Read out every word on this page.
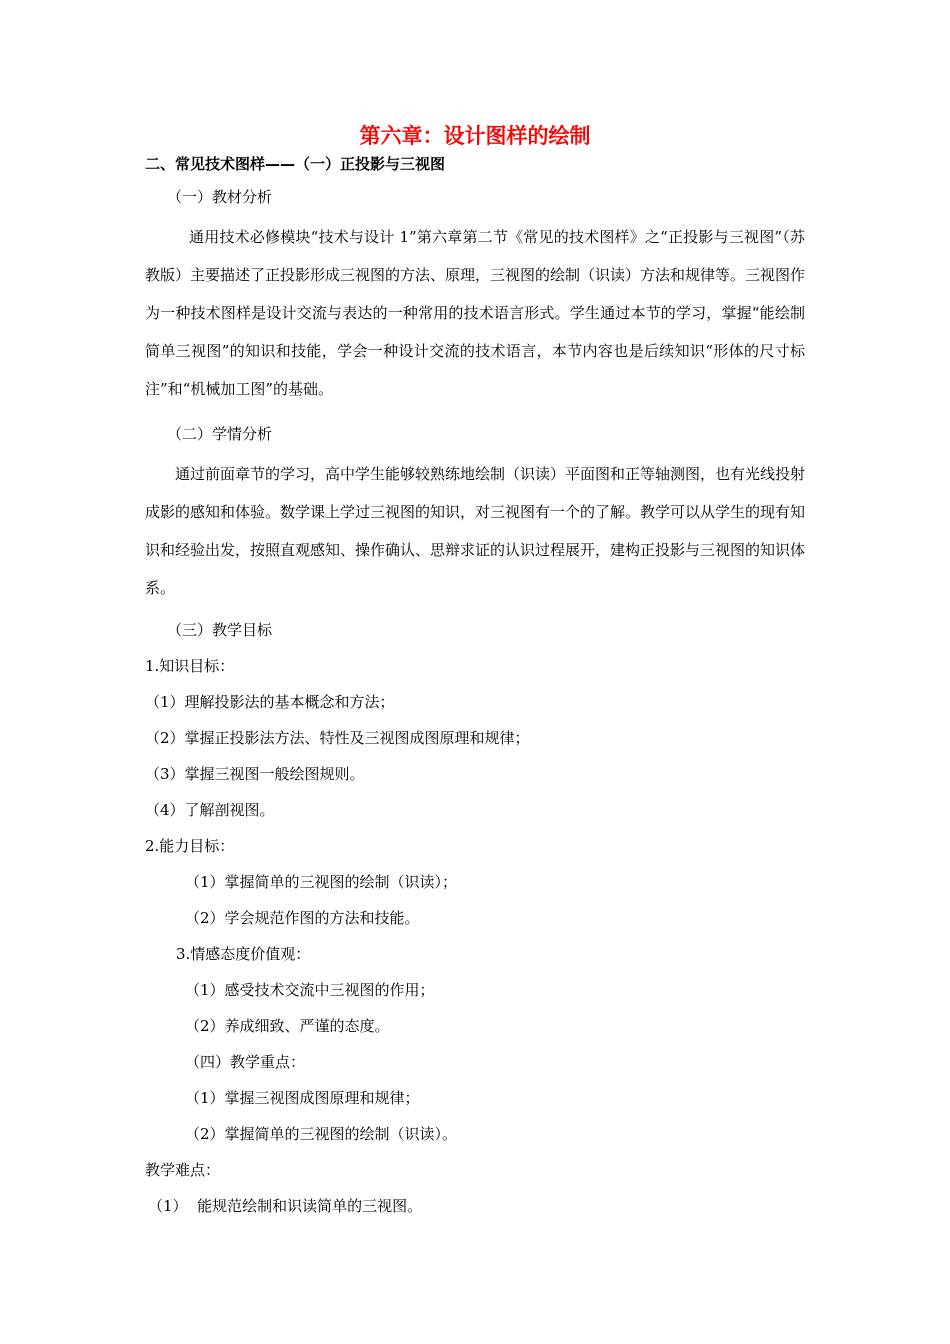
第六章：设计图样的绘制
二、常见技术图样——（一）正投影与三视图

（一）教材分析

通用技术必修模块“技术与设计 1”第六章第二节《常见的技术图样》之“正投影与三视图”（苏教版）主要描述了正投影形成三视图的方法、原理，三视图的绘制（识读）方法和规律等。三视图作为一种技术图样是设计交流与表达的一种常用的技术语言形式。学生通过本节的学习，掌握“能绘制简单三视图”的知识和技能，学会一种设计交流的技术语言，本节内容也是后续知识“形体的尺寸标注”和“机械加工图”的基础。

（二）学情分析

通过前面章节的学习，高中学生能够较熟练地绘制（识读）平面图和正等轴测图，也有光线投射成影的感知和体验。数学课上学过三视图的知识，对三视图有一个的了解。教学可以从学生的现有知识和经验出发，按照直观感知、操作确认、思辩求证的认识过程展开，建构正投影与三视图的知识体系。

（三）教学目标

1.知识目标：

（1）理解投影法的基本概念和方法；

（2）掌握正投影法方法、特性及三视图成图原理和规律；

（3）掌握三视图一般绘图规则。

（4）了解剖视图。

2.能力目标：

（1）掌握简单的三视图的绘制（识读）；

（2）学会规范作图的方法和技能。

3.情感态度价值观：

（1）感受技术交流中三视图的作用；

（2）养成细致、严谨的态度。

（四）教学重点：

（1）掌握三视图成图原理和规律；

（2）掌握简单的三视图的绘制（识读）。

教学难点：

（1）  能规范绘制和识读简单的三视图。
